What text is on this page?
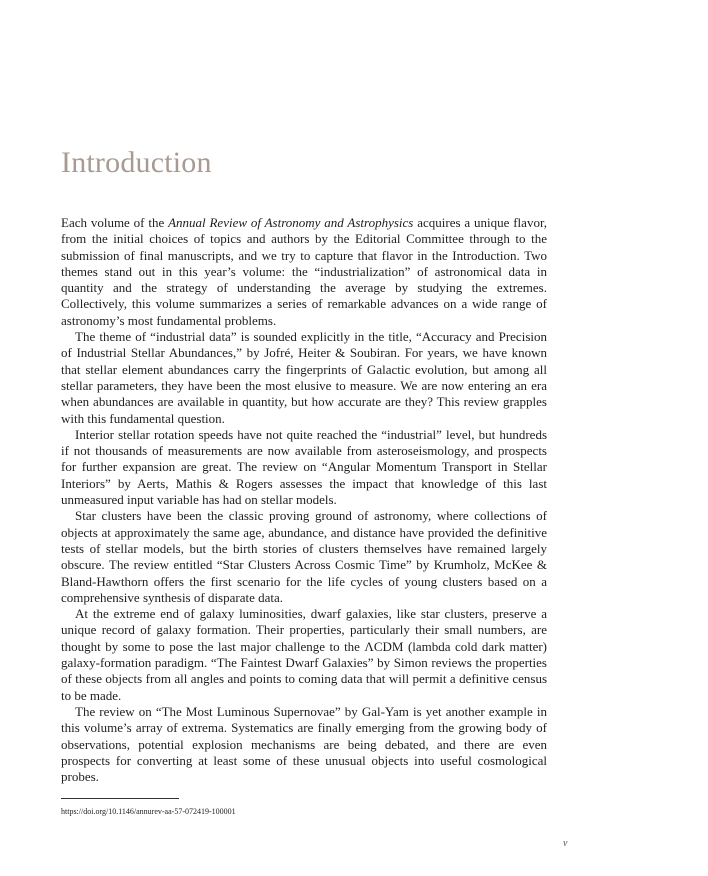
Introduction

Each volume of the Annual Review of Astronomy and Astrophysics acquires a unique flavor, from the initial choices of topics and authors by the Editorial Committee through to the submission of final manuscripts, and we try to capture that flavor in the Introduction. Two themes stand out in this year’s volume: the “industrialization” of astronomical data in quantity and the strategy of understanding the average by studying the extremes. Collectively, this volume summarizes a series of remarkable advances on a wide range of astronomy’s most fundamental problems.

The theme of “industrial data” is sounded explicitly in the title, “Accuracy and Precision of Industrial Stellar Abundances,” by Jofré, Heiter & Soubiran. For years, we have known that stellar element abundances carry the fingerprints of Galactic evolution, but among all stellar parameters, they have been the most elusive to measure. We are now entering an era when abundances are available in quantity, but how accurate are they? This review grapples with this fundamental question.

Interior stellar rotation speeds have not quite reached the “industrial” level, but hundreds if not thousands of measurements are now available from asteroseismology, and prospects for further expansion are great. The review on “Angular Momentum Transport in Stellar Interiors” by Aerts, Mathis & Rogers assesses the impact that knowledge of this last unmeasured input variable has had on stellar models.

Star clusters have been the classic proving ground of astronomy, where collections of objects at approximately the same age, abundance, and distance have provided the definitive tests of stellar models, but the birth stories of clusters themselves have remained largely obscure. The review entitled “Star Clusters Across Cosmic Time” by Krumholz, McKee & Bland-Hawthorn offers the first scenario for the life cycles of young clusters based on a comprehensive synthesis of disparate data.

At the extreme end of galaxy luminosities, dwarf galaxies, like star clusters, preserve a unique record of galaxy formation. Their properties, particularly their small numbers, are thought by some to pose the last major challenge to the ΛCDM (lambda cold dark matter) galaxy-formation paradigm. “The Faintest Dwarf Galaxies” by Simon reviews the properties of these objects from all angles and points to coming data that will permit a definitive census to be made.

The review on “The Most Luminous Supernovae” by Gal-Yam is yet another example in this volume’s array of extrema. Systematics are finally emerging from the growing body of observations, potential explosion mechanisms are being debated, and there are even prospects for converting at least some of these unusual objects into useful cosmological probes.

https://doi.org/10.1146/annurev-aa-57-072419-100001
v
